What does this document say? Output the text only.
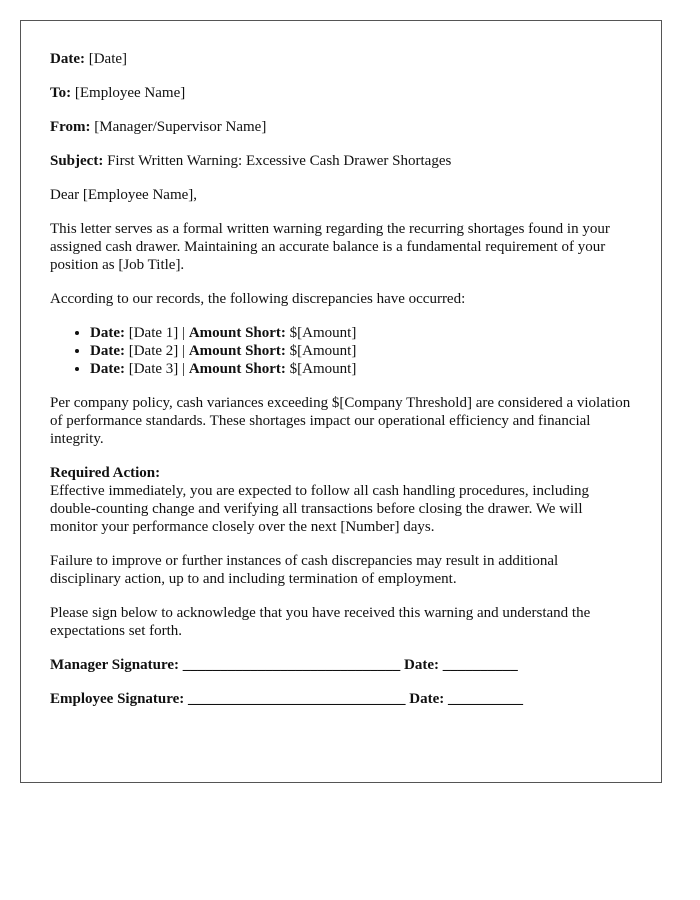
Date: [Date]

To: [Employee Name]

From: [Manager/Supervisor Name]

Subject: First Written Warning: Excessive Cash Drawer Shortages

Dear [Employee Name],

This letter serves as a formal written warning regarding the recurring shortages found in your assigned cash drawer. Maintaining an accurate balance is a fundamental requirement of your position as [Job Title].

According to our records, the following discrepancies have occurred:

• Date: [Date 1] | Amount Short: $[Amount]
• Date: [Date 2] | Amount Short: $[Amount]
• Date: [Date 3] | Amount Short: $[Amount]

Per company policy, cash variances exceeding $[Company Threshold] are considered a violation of performance standards. These shortages impact our operational efficiency and financial integrity.

Required Action:
Effective immediately, you are expected to follow all cash handling procedures, including double-counting change and verifying all transactions before closing the drawer. We will monitor your performance closely over the next [Number] days.

Failure to improve or further instances of cash discrepancies may result in additional disciplinary action, up to and including termination of employment.

Please sign below to acknowledge that you have received this warning and understand the expectations set forth.

Manager Signature: _____________________________ Date: __________

Employee Signature: _____________________________ Date: __________
